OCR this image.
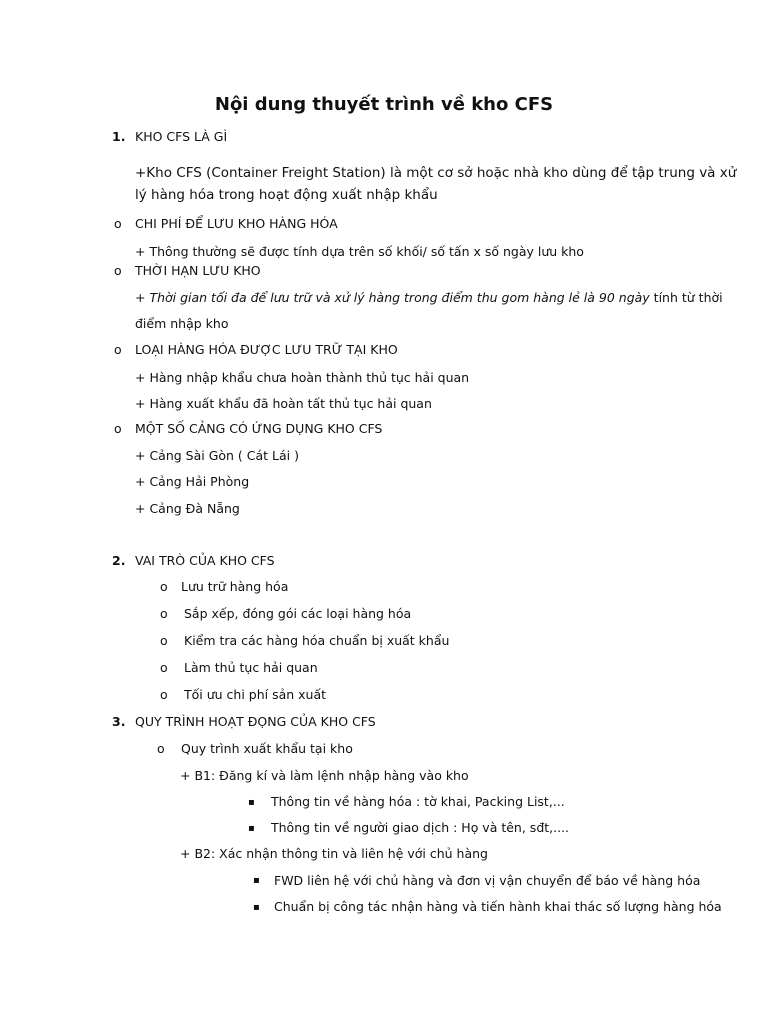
Nội dung thuyết trình về kho CFS
1. KHO CFS LÀ GÌ
+Kho CFS (Container Freight Station) là một cơ sở hoặc nhà kho dùng để tập trung và xử
lý hàng hóa trong hoạt động xuất nhập khẩu
o CHI PHÍ ĐỂ LƯU KHO HÀNG HÓA
+ Thông thường sẽ được tính dựa trên số khối/ số tấn x số ngày lưu kho
o THỜI HẠN LƯU KHO
+ Thời gian tối đa để lưu trữ và xử lý hàng trong điểm thu gom hàng lẻ là 90 ngày tính từ thời
điểm nhập kho
o LOẠI HÀNG HÓA ĐƯỢC LƯU TRỮ TẠI KHO
+ Hàng nhập khẩu chưa hoàn thành thủ tục hải quan
+ Hàng xuất khẩu đã hoàn tất thủ tục hải quan
o MỘT SỐ CẢNG CÓ ỨNG DỤNG KHO CFS
+ Cảng Sài Gòn ( Cát Lái )
+ Cảng Hải Phòng
+ Cảng Đà Nẵng
2. VAI TRÒ CỦA KHO CFS
o Lưu trữ hàng hóa
o Sắp xếp, đóng gói các loại hàng hóa
o Kiểm tra các hàng hóa chuẩn bị xuất khẩu
o Làm thủ tục hải quan
o Tối ưu chi phí sản xuất
3. QUY TRÌNH HOẠT ĐỌNG CỦA KHO CFS
o Quy trình xuất khẩu tại kho
+ B1: Đăng kí và làm lệnh nhập hàng vào kho
▪ Thông tin về hàng hóa : tờ khai, Packing List,...
▪ Thông tin về người giao dịch : Họ và tên, sđt,....
+ B2: Xác nhận thông tin và liên hệ với chủ hàng
▪ FWD liên hệ với chủ hàng và đơn vị vận chuyển để báo về hàng hóa
▪ Chuẩn bị công tác nhận hàng và tiến hành khai thác số lượng hàng hóa
